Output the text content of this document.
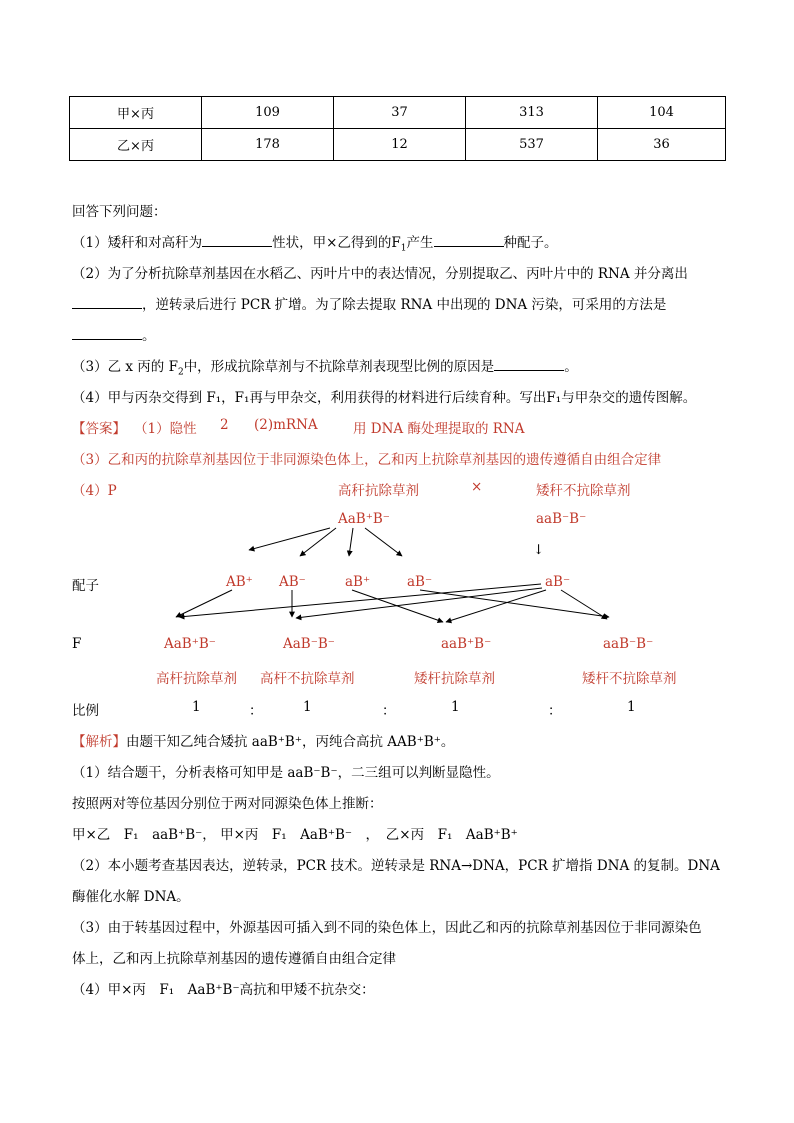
甲×丙	109	37	313	104
乙×丙	178	12	537	36
回答下列问题：
（1）矮秆和对高秆为	性状，甲×乙得到的$F_1$产生	种配子。
（2）为了分析抗除草剂基因在水稻乙、丙叶片中的表达情况，分别提取乙、丙叶片中的 RNA 并分离出
，逆转录后进行 PCR 扩增。为了除去提取 RNA 中出现的 DNA 污染，可采用的方法是
。
（3）乙 x 丙的 $F_2$中，形成抗除草剂与不抗除草剂表现型比例的原因是	。
（4）甲与丙杂交得到 F₁，F₁再与甲杂交，利用获得的材料进行后续育种。写出F₁与甲杂交的遗传图解。
【答案】 （1）隐性 2 (2)mRNA	用 DNA 酶处理提取的 RNA
（3）乙和丙的抗除草剂基因位于非同源染色体上，乙和丙上抗除草剂基因的遗传遵循自由组合定律
（4）P	高秆抗除草剂	×	矮秆不抗除草剂
AaB⁺B⁻	aaB⁻B⁻
↓
配子	AB⁺ AB⁻	aB⁺	aB⁻	aB⁻
F	AaB⁺B⁻	AaB⁻B⁻	aaB⁺B⁻	aaB⁻B⁻
高杆抗除草剂 高杆不抗除草剂	矮杆抗除草剂	矮杆不抗除草剂
比例	1	：	1	：	1	：	1
【解析】由题干知乙纯合矮抗 aaB⁺B⁺，丙纯合高抗 AAB⁺B⁺。
（1）结合题干，分析表格可知甲是 aaB⁻B⁻，二三组可以判断显隐性。
按照两对等位基因分别位于两对同源染色体上推断：
甲×乙　F₁　aaB⁺B⁻， 甲×丙　F₁　AaB⁺B⁻　，　乙×丙　F₁　AaB⁺B⁺
（2）本小题考查基因表达，逆转录，PCR 技术。逆转录是 RNA→DNA，PCR 扩增指 DNA 的复制。DNA
酶催化水解 DNA。
（3）由于转基因过程中，外源基因可插入到不同的染色体上，因此乙和丙的抗除草剂基因位于非同源染色
体上，乙和丙上抗除草剂基因的遗传遵循自由组合定律
（4）甲×丙　F₁　AaB⁺B⁻高抗和甲矮不抗杂交：
